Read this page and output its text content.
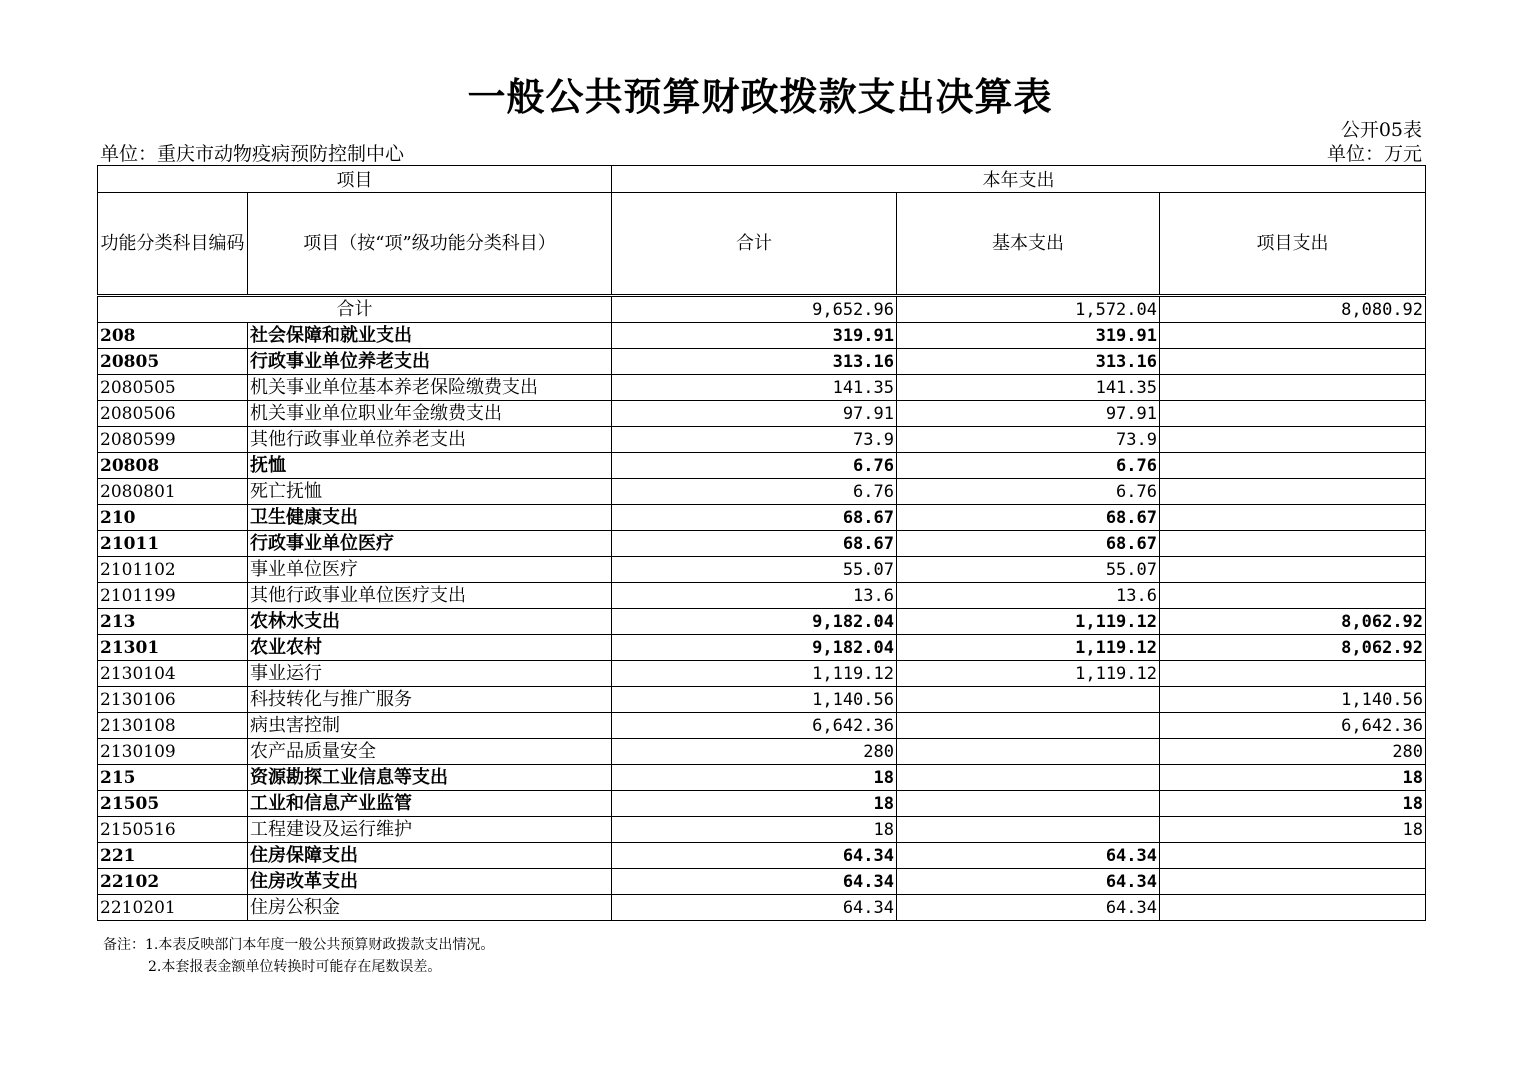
一般公共预算财政拨款支出决算表
公开05表
单位：重庆市动物疫病预防控制中心	单位：万元
项目		本年支出		
功能分类科目编码	项目（按“项”级功能分类科目）	合计	基本支出	项目支出

合计		9,652.96	1,572.04	8,080.92
208	社会保障和就业支出	319.91	319.91	
20805	行政事业单位养老支出	313.16	313.16	
2080505	机关事业单位基本养老保险缴费支出	141.35	141.35	
2080506	机关事业单位职业年金缴费支出	97.91	97.91	
2080599	其他行政事业单位养老支出	73.9	73.9	
20808	抚恤	6.76	6.76	
2080801	死亡抚恤	6.76	6.76	
210	卫生健康支出	68.67	68.67	
21011	行政事业单位医疗	68.67	68.67	
2101102	事业单位医疗	55.07	55.07	
2101199	其他行政事业单位医疗支出	13.6	13.6	
213	农林水支出	9,182.04	1,119.12	8,062.92
21301	农业农村	9,182.04	1,119.12	8,062.92
2130104	事业运行	1,119.12	1,119.12	
2130106	科技转化与推广服务	1,140.56		1,140.56
2130108	病虫害控制	6,642.36		6,642.36
2130109	农产品质量安全	280		280
215	资源勘探工业信息等支出	18		18
21505	工业和信息产业监管	18		18
2150516	工程建设及运行维护	18		18
221	住房保障支出	64.34	64.34	
22102	住房改革支出	64.34	64.34	
2210201	住房公积金	64.34	64.34	
备注：1.本表反映部门本年度一般公共预算财政拨款支出情况。
2.本套报表金额单位转换时可能存在尾数误差。
